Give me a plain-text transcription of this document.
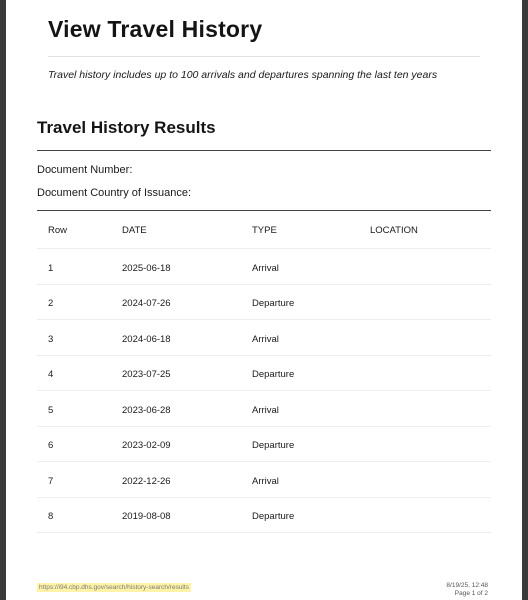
View Travel History
Travel history includes up to 100 arrivals and departures spanning the last ten years
Travel History Results
Document Number:
Document Country of Issuance:
Row	DATE	TYPE	LOCATION
1	2025-06-18	Arrival
2	2024-07-26	Departure
3	2024-06-18	Arrival
4	2023-07-25	Departure
5	2023-06-28	Arrival
6	2023-02-09	Departure
7	2022-12-26	Arrival
8	2019-08-08	Departure
https://i94.cbp.dhs.gov/search/history-search/results	8/19/25, 12:48
Page 1 of 2
